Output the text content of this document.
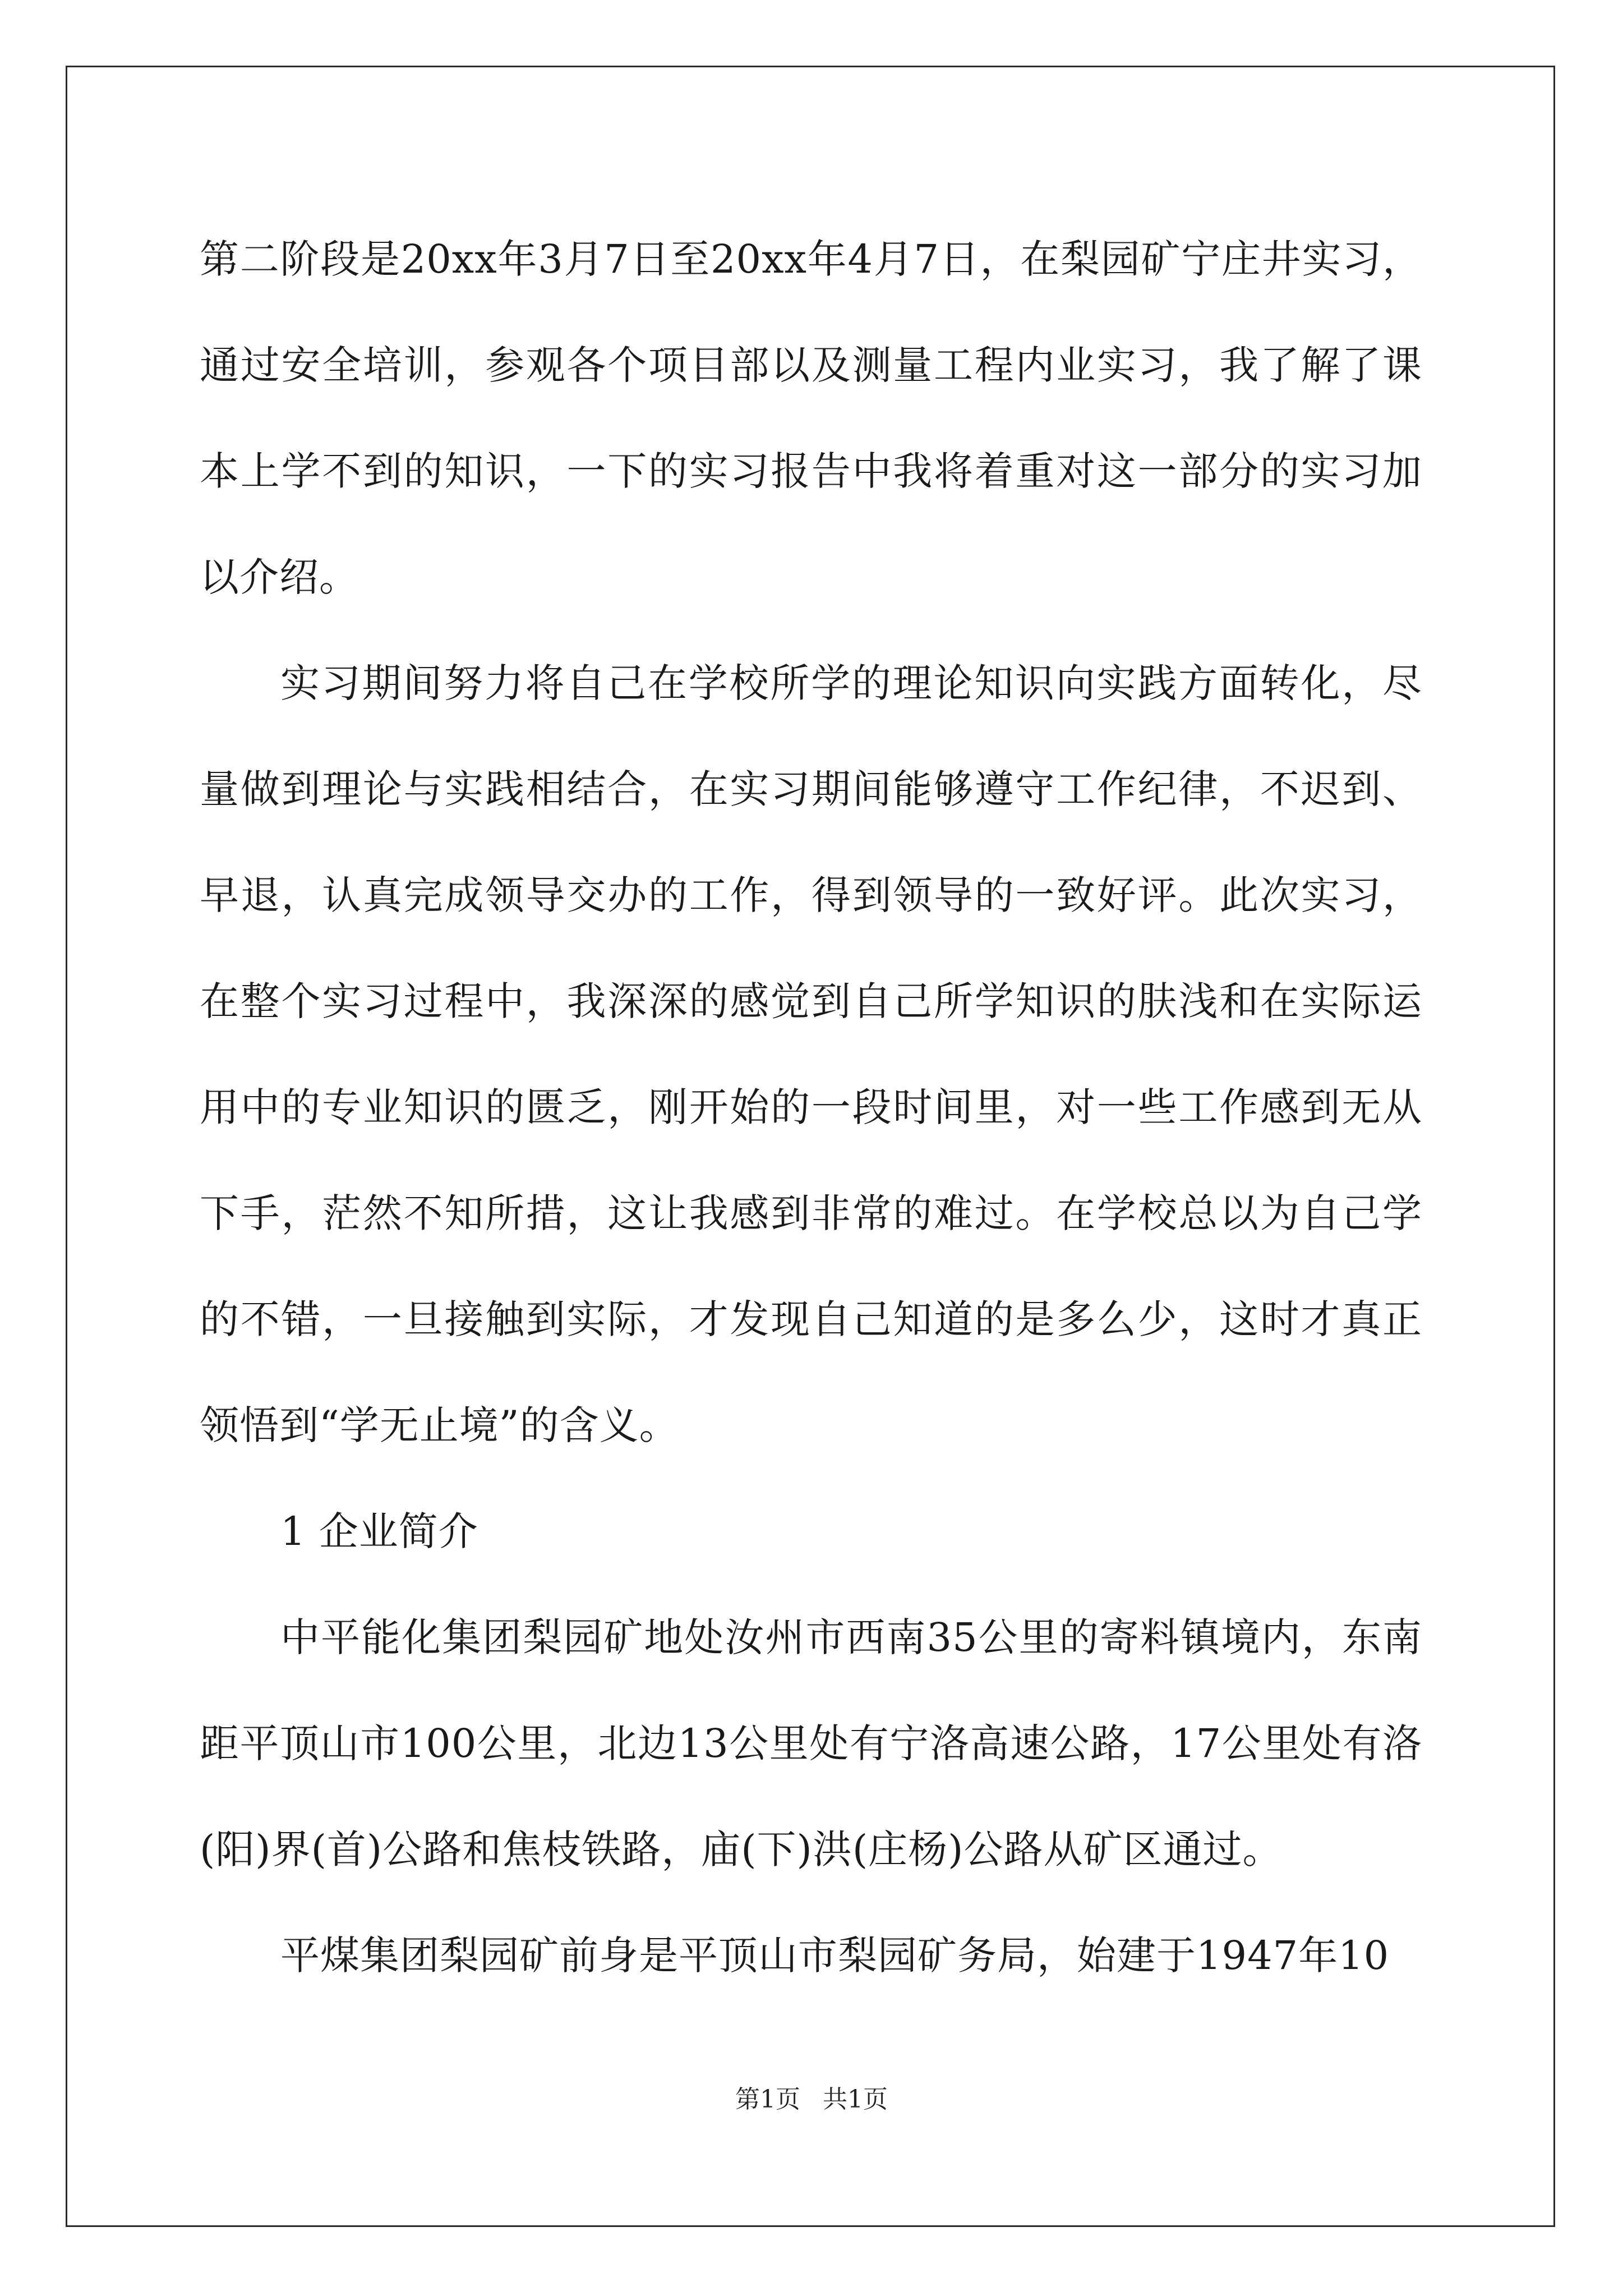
第二阶段是20xx年3月7日至20xx年4月7日，在梨园矿宁庄井实习，通过安全培训，参观各个项目部以及测量工程内业实习，我了解了课本上学不到的知识，一下的实习报告中我将着重对这一部分的实习加以介绍。

实习期间努力将自己在学校所学的理论知识向实践方面转化，尽量做到理论与实践相结合，在实习期间能够遵守工作纪律，不迟到、早退，认真完成领导交办的工作，得到领导的一致好评。此次实习，在整个实习过程中，我深深的感觉到自己所学知识的肤浅和在实际运用中的专业知识的匮乏，刚开始的一段时间里，对一些工作感到无从下手，茫然不知所措，这让我感到非常的难过。在学校总以为自己学的不错，一旦接触到实际，才发现自己知道的是多么少，这时才真正领悟到“学无止境”的含义。

1 企业简介

中平能化集团梨园矿地处汝州市西南35公里的寄料镇境内，东南距平顶山市100公里，北边13公里处有宁洛高速公路，17公里处有洛(阳)界(首)公路和焦枝铁路，庙(下)洪(庄杨)公路从矿区通过。

平煤集团梨园矿前身是平顶山市梨园矿务局，始建于1947年10

第1页 共1页
